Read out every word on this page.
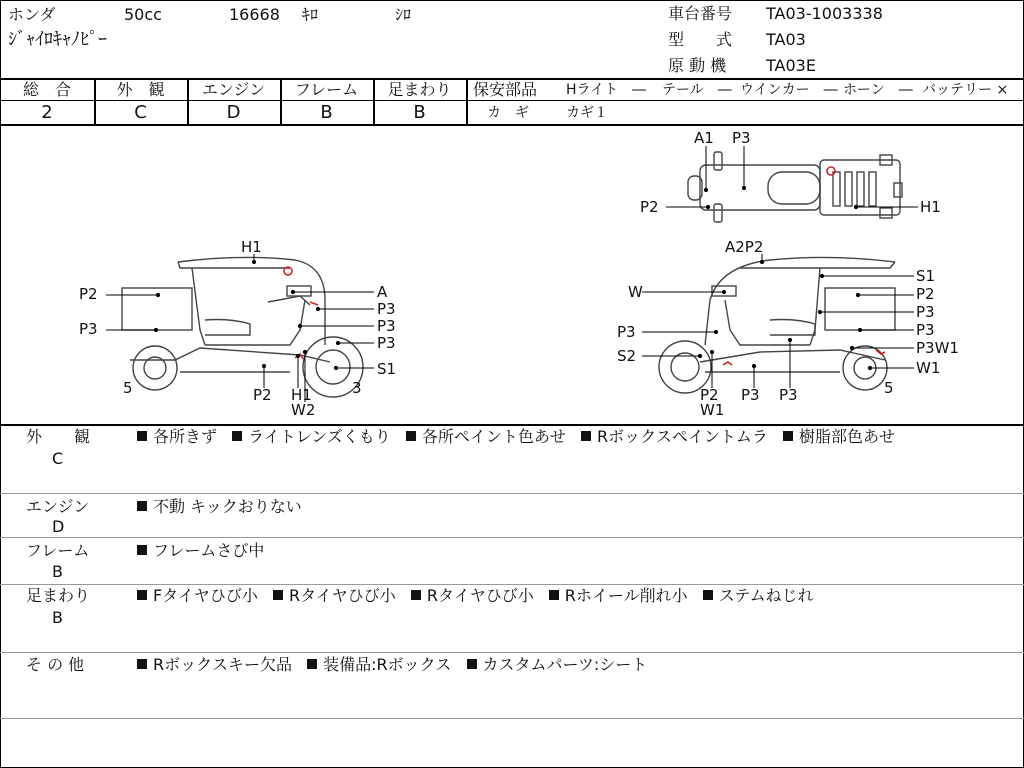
ホンダ	50cc	16668 ｷﾛ	ｼﾛ
ｼﾞｬｲﾛｷｬﾉﾋﾟｰ
車台番号 TA03-1003338
型　　式 TA03
原 動 機 TA03E
総　合	外　観	エンジン	フレーム	足まわり
2	C	D	B	B
保安部品 Hライト　― テール　― ウインカー　― ホーン　― バッテリー ×
カ　ギ	カギ１
A1 P3
P2	H1
H1
P2
P3
A
P3
P3
P3
S1
5	P2 H1
W2
3
A2P2
W
S1
P2
P3
P3
P3
S2	P3W1
W1
P2
W1
P3 P3	5
外　　観
C
各所きず ライトレンズくもり 各所ペイント色あせ Rボックスペイントムラ 樹脂部色あせ
エンジン
D
不動 キックおりない
フレーム
B
フレームさび中
足まわり
B
Fタイヤひび小 Rタイヤひび小 Rタイヤひび小 Rホイール削れ小 ステムねじれ
そ の 他	Rボックスキー欠品 装備品:Rボックス カスタムパーツ:シート
